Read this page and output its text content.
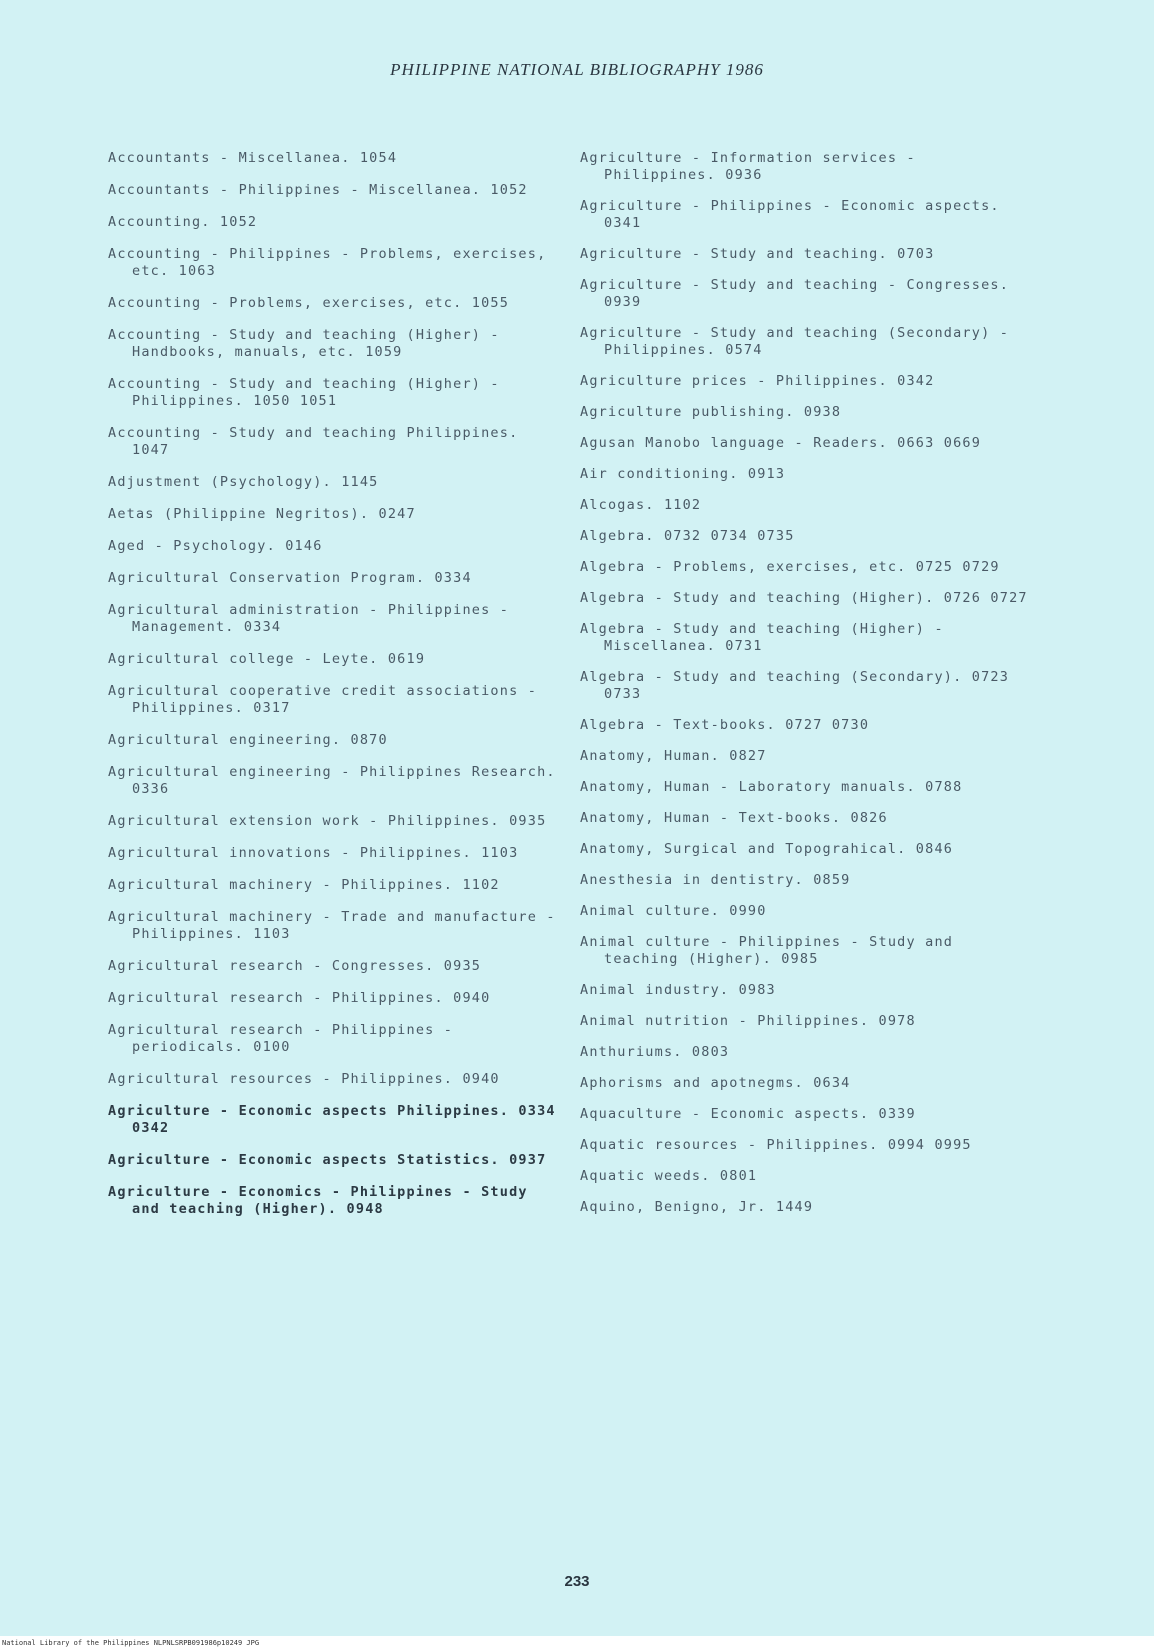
PHILIPPINE NATIONAL BIBLIOGRAPHY 1986
Accountants - Miscellanea. 1054
Accountants - Philippines - Miscellanea. 1052
Accounting. 1052
Accounting - Philippines - Problems, exercises, etc. 1063
Accounting - Problems, exercises, etc. 1055
Accounting - Study and teaching (Higher) - Handbooks, manuals, etc. 1059
Accounting - Study and teaching (Higher) - Philippines. 1050 1051
Accounting - Study and teaching Philippines. 1047
Adjustment (Psychology). 1145
Aetas (Philippine Negritos). 0247
Aged - Psychology. 0146
Agricultural Conservation Program. 0334
Agricultural administration - Philippines - Management. 0334
Agricultural college - Leyte. 0619
Agricultural cooperative credit associations - Philippines. 0317
Agricultural engineering. 0870
Agricultural engineering - Philippines Research. 0336
Agricultural extension work - Philippines. 0935
Agricultural innovations - Philippines. 1103
Agricultural machinery - Philippines. 1102
Agricultural machinery - Trade and manufacture - Philippines. 1103
Agricultural research - Congresses. 0935
Agricultural research - Philippines. 0940
Agricultural research - Philippines - periodicals. 0100
Agricultural resources - Philippines. 0940
Agriculture - Economic aspects Philippines. 0334 0342
Agriculture - Economic aspects Statistics. 0937
Agriculture - Economics - Philippines - Study and teaching (Higher). 0948
Agriculture - Information services - Philippines. 0936
Agriculture - Philippines - Economic aspects. 0341
Agriculture - Study and teaching. 0703
Agriculture - Study and teaching - Congresses. 0939
Agriculture - Study and teaching (Secondary) - Philippines. 0574
Agriculture prices - Philippines. 0342
Agriculture publishing. 0938
Agusan Manobo language - Readers. 0663 0669
Air conditioning. 0913
Alcogas. 1102
Algebra. 0732 0734 0735
Algebra - Problems, exercises, etc. 0725 0729
Algebra - Study and teaching (Higher). 0726 0727
Algebra - Study and teaching (Higher) - Miscellanea. 0731
Algebra - Study and teaching (Secondary). 0723 0733
Algebra - Text-books. 0727 0730
Anatomy, Human. 0827
Anatomy, Human - Laboratory manuals. 0788
Anatomy, Human - Text-books. 0826
Anatomy, Surgical and Topograhical. 0846
Anesthesia in dentistry. 0859
Animal culture. 0990
Animal culture - Philippines - Study and teaching (Higher). 0985
Animal industry. 0983
Animal nutrition - Philippines. 0978
Anthuriums. 0803
Aphorisms and apotnegms. 0634
Aquaculture - Economic aspects. 0339
Aquatic resources - Philippines. 0994 0995
Aquatic weeds. 0801
Aquino, Benigno, Jr. 1449
233
National Library of the Philippines NLPNLSRPB091986p10249 JPG
